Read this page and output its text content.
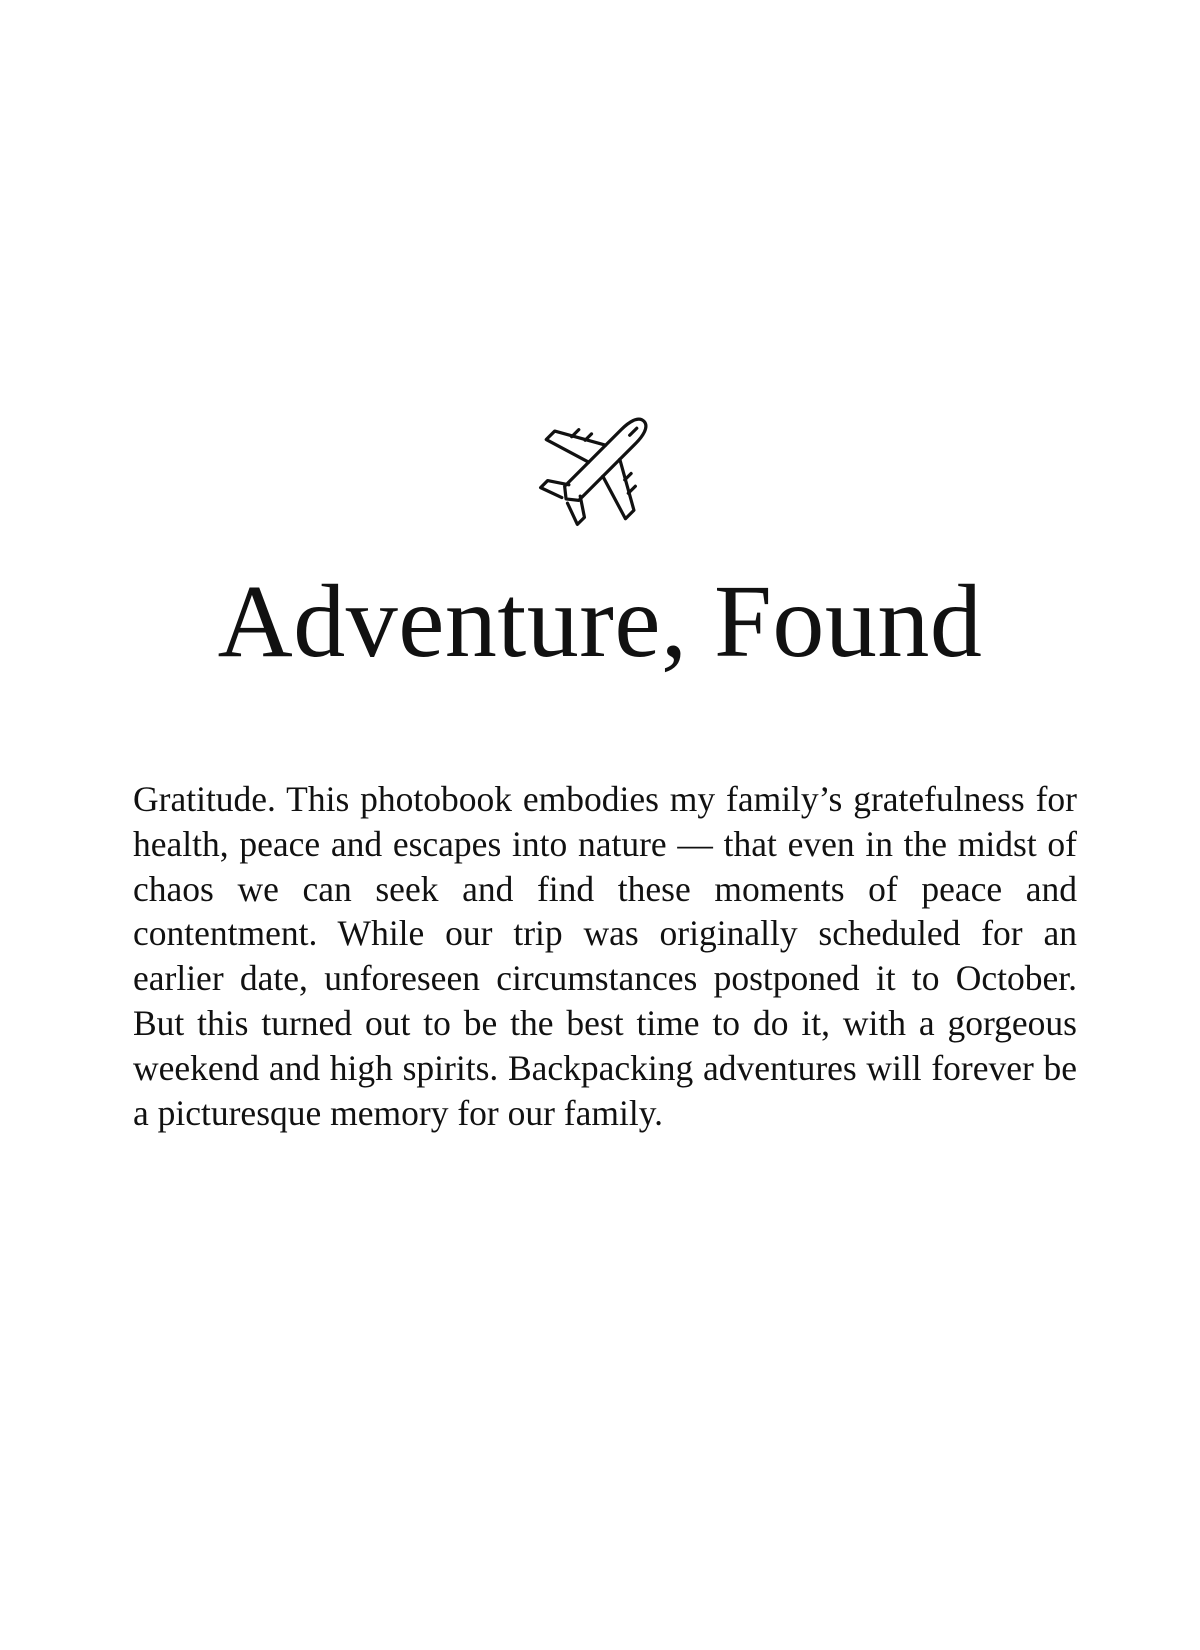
Adventure, Found

Gratitude. This photobook embodies my family’s gratefulness for health, peace and escapes into nature — that even in the midst of chaos we can seek and find these moments of peace and contentment. While our trip was originally scheduled for an earlier date, unforeseen circumstances postponed it to October. But this turned out to be the best time to do it, with a gorgeous weekend and high spirits. Backpacking adventures will forever be a picturesque memory for our family.
